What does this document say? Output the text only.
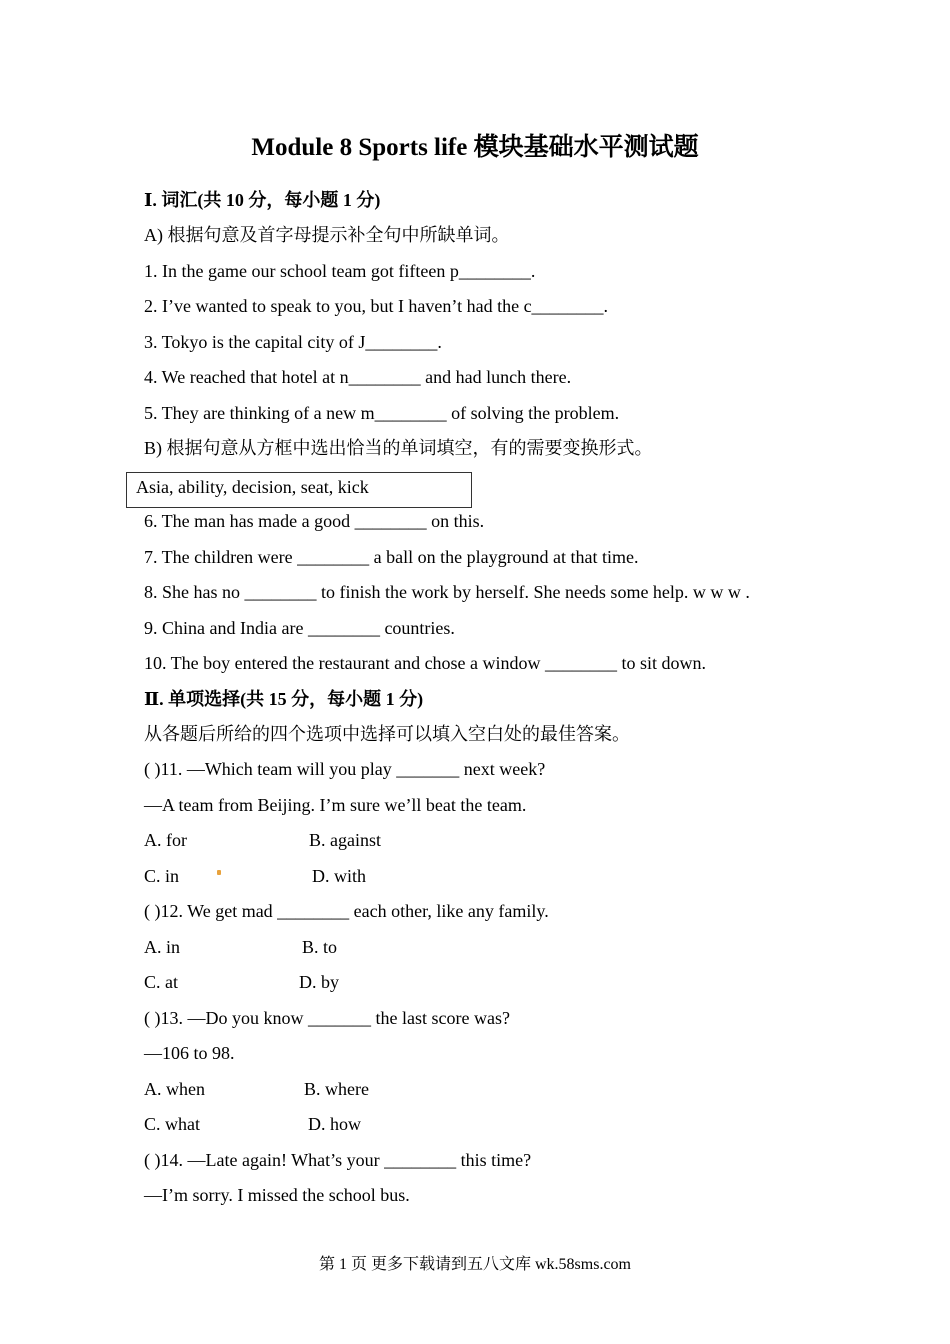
Module 8 Sports life 模块基础水平测试题
Ⅰ. 词汇(共 10 分，每小题 1 分)
A) 根据句意及首字母提示补全句中所缺单词。
1. In the game our school team got fifteen p________.
2. I’ve wanted to speak to you, but I haven’t had the c________.
3. Tokyo is the capital city of J________.
4. We reached that hotel at n________ and had lunch there.
5. They are thinking of a new m________ of solving the problem.
B) 根据句意从方框中选出恰当的单词填空，有的需要变换形式。
Asia, ability, decision, seat, kick
6. The man has made a good ________ on this.
7. The children were ________ a ball on the playground at that time.
8. She has no ________ to finish the work by herself. She needs some help. w w w .
9. China and India are ________ countries.
10. The boy entered the restaurant and chose a window ________ to sit down.
Ⅱ. 单项选择(共 15 分，每小题 1 分)
从各题后所给的四个选项中选择可以填入空白处的最佳答案。
( )11. —Which team will you play _______ next week?
—A team from Beijing. I’m sure we’ll beat the team.
A. for	B. against
C. in	D. with
( )12. We get mad ________ each other, like any family.
A. in	B. to
C. at	D. by
( )13. —Do you know _______ the last score was?
—106 to 98.
A. when	B. where
C. what	D. how
( )14. —Late again! What’s your ________ this time?
—I’m sorry. I missed the school bus.
第 1 页 更多下载请到五八文库 wk.58sms.com
